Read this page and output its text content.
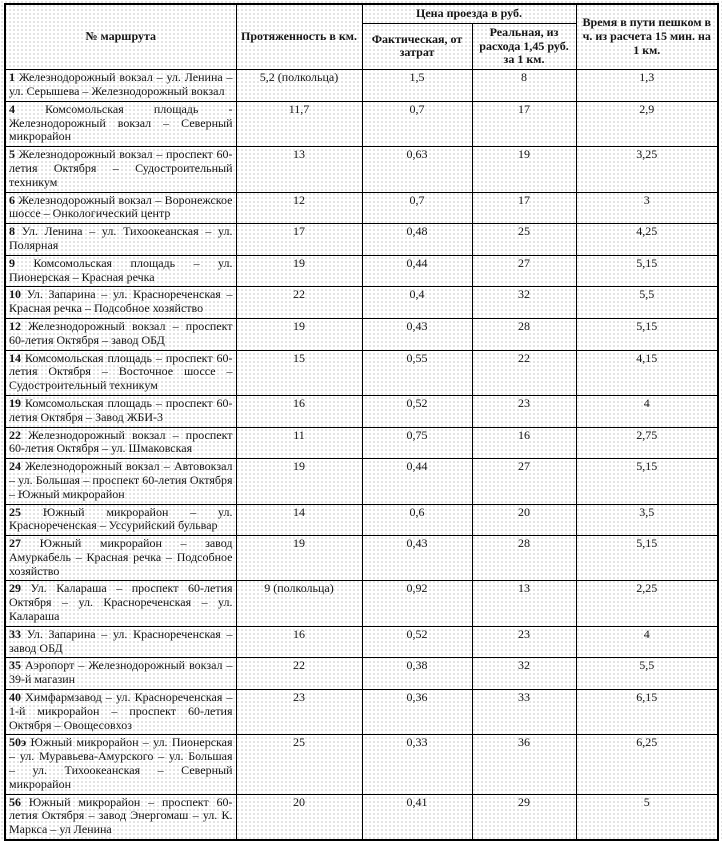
№ маршрута	Протяженность в км.	Цена проезда в руб.		Время в пути пешком в ч. из расчета 15 мин. на 1 км.
		Фактическая, от затрат	Реальная, из расхода 1,45 руб. за 1 км.	
1 Железнодорожный вокзал – ул. Ленина – ул. Серышева – Железнодорожный вокзал	5,2 (полкольца)	1,5	8	1,3
4 Комсомольская площадь - Железнодорожный вокзал – Северный микрорайон	11,7	0,7	17	2,9
5 Железнодорожный вокзал – проспект 60-летия Октября – Судостроительный техникум	13	0,63	19	3,25
6 Железнодорожный вокзал – Воронежское шоссе – Онкологический центр	12	0,7	17	3
8 Ул. Ленина – ул. Тихоокеанская – ул. Полярная	17	0,48	25	4,25
9 Комсомольская площадь – ул. Пионерская – Красная речка	19	0,44	27	5,15
10 Ул. Запарина – ул. Краснореченская – Красная речка – Подсобное хозяйство	22	0,4	32	5,5
12 Железнодорожный вокзал – проспект 60-летия Октября – завод ОБД	19	0,43	28	5,15
14 Комсомольская площадь – проспект 60-летия Октября – Восточное шоссе – Судостроительный техникум	15	0,55	22	4,15
19 Комсомольская площадь – проспект 60-летия Октября – Завод ЖБИ-3	16	0,52	23	4
22 Железнодорожный вокзал – проспект 60-летия Октября – ул. Шмаковская	11	0,75	16	2,75
24 Железнодорожный вокзал – Автовокзал – ул. Большая – проспект 60-летия Октября – Южный микрорайон	19	0,44	27	5,15
25 Южный микрорайон – ул. Краснореченская – Уссурийский бульвар	14	0,6	20	3,5
27 Южный микрорайон – завод Амуркабель – Красная речка – Подсобное хозяйство	19	0,43	28	5,15
29 Ул. Калараша – проспект 60-летия Октября – ул. Краснореченская – ул. Калараша	9 (полкольца)	0,92	13	2,25
33 Ул. Запарина – ул. Краснореченская – завод ОБД	16	0,52	23	4
35 Аэропорт – Железнодорожный вокзал – 39-й магазин	22	0,38	32	5,5
40 Химфармзавод – ул. Краснореченская – 1-й микрорайон – проспект 60-летия Октября – Овощесовхоз	23	0,36	33	6,15
50э Южный микрорайон – ул. Пионерская – ул. Муравьева-Амурского – ул. Большая – ул. Тихоокеанская – Северный микрорайон	25	0,33	36	6,25
56 Южный микрорайон – проспект 60-летия Октября – завод Энергомаш – ул. К. Маркса – ул Ленина	20	0,41	29	5
